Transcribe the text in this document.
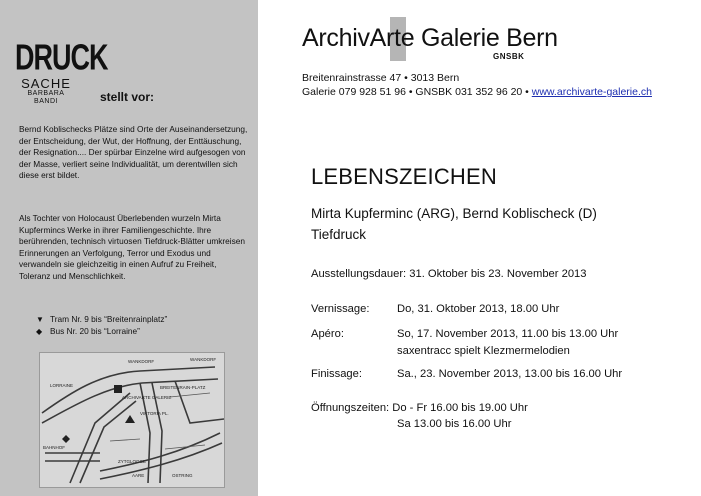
DRUCK
SACHE
BARBARA BANDI	stellt vor:

Bernd Koblischecks Plätze sind Orte der Auseinandersetzung, der Entscheidung, der Wut, der Hoffnung, der Enttäuschung, der Resignation.... Der spürbar Einzelne wird aufgesogen von der Masse, verliert seine Individualität, um derentwillen sich diese erst bildet.

Als Tochter von Holocaust Überlebenden wurzeln Mirta Kupfermincs Werke in ihrer Familiengeschichte. Ihre berührenden, technisch virtuosen Tiefdruck-Blätter umkreisen Erinnerungen an Verfolgung, Terror und Exodus und verwandeln sie gleichzeitig in einen Aufruf zu Freiheit, Toleranz und Menschlichkeit.

▼ Tram Nr. 9 bis “Breitenrainplatz”
◆ Bus Nr. 20 bis “Lorraine”
WANKDORF	WANKDORF
BREITENRAIN-PLATZ
ARCHIVARTE GALERIE
VIKTORIA PL.
BAHNHOF
ZYTGLOGGE
AARE	OSTRING
LORRAINE
ArchivArte Galerie Bern
GNSBK
Breitenrainstrasse 47 • 3013 Bern
Galerie 079 928 51 96 • GNSBK 031 352 96 20 • www.archivarte-galerie.ch
LEBENSZEICHEN
Mirta Kupferminc (ARG), Bernd Koblischeck (D)
Tiefdruck
Ausstellungsdauer: 31. Oktober bis 23. November 2013
Vernissage: Do, 31. Oktober 2013, 18.00 Uhr
Apéro:	So, 17. November 2013, 11.00 bis 13.00 Uhr
saxentracc spielt Klezmermelodien
Finissage:	Sa., 23. November 2013, 13.00 bis 16.00 Uhr
Öffnungszeiten: Do - Fr 16.00 bis 19.00 Uhr
Sa 13.00 bis 16.00 Uhr
